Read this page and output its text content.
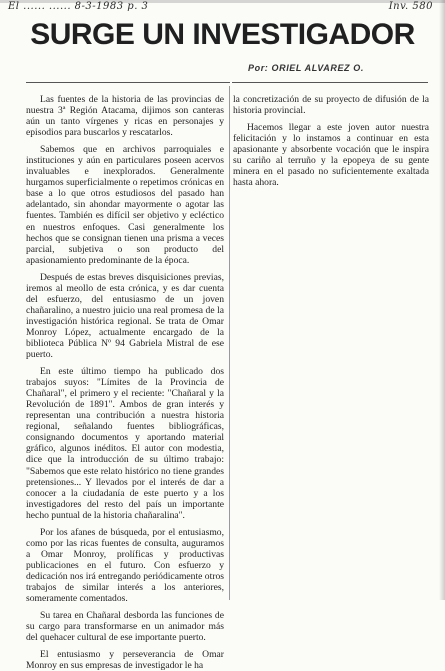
El ...... ...... 8-3-1983 p. 3	Inv. 580
SURGE UN INVESTIGADOR
Por: ORIEL ALVAREZ O.

Las fuentes de la historia de las provincias de nuestra 3ª Región Atacama, dijimos son canteras aún un tanto vírgenes y ricas en personajes y episodios para buscarlos y rescatarlos.

Sabemos que en archivos parroquiales e instituciones y aún en particulares poseen acervos invaluables e inexplorados. Generalmente hurgamos superficialmente o repetimos crónicas en base a lo que otros estudiosos del pasado han adelantado, sin ahondar mayormente o agotar las fuentes. También es difícil ser objetivo y ecléctico en nuestros enfoques. Casi generalmente los hechos que se consignan tienen una prisma a veces parcial, subjetiva o son producto del apasionamiento predominante de la época.

Después de estas breves disquisiciones previas, iremos al meollo de esta crónica, y es dar cuenta del esfuerzo, del entusiasmo de un joven chañaralino, a nuestro juicio una real promesa de la investigación histórica regional. Se trata de Omar Monroy López, actualmente encargado de la biblioteca Pública Nº 94 Gabriela Mistral de ese puerto.

En este último tiempo ha publicado dos trabajos suyos: "Límites de la Provincia de Chañaral", el primero y el reciente: "Chañaral y la Revolución de 1891". Ambos de gran interés y representan una contribución a nuestra historia regional, señalando fuentes bibliográficas, consignando documentos y aportando material gráfico, algunos inéditos. El autor con modestia, dice que la introducción de su último trabajo: "Sabemos que este relato histórico no tiene grandes pretensiones... Y llevados por el interés de dar a conocer a la ciudadanía de este puerto y a los investigadores del resto del país un importante hecho puntual de la historia chañaralina".

Por los afanes de búsqueda, por el entusiasmo, como por las ricas fuentes de consulta, auguramos a Omar Monroy, prolíficas y productivas publicaciones en el futuro. Con esfuerzo y dedicación nos irá entregando periódicamente otros trabajos de similar interés a los anteriores, someramente comentados.

Su tarea en Chañaral desborda las funciones de su cargo para transformarse en un animador más del quehacer cultural de ese importante puerto.

El entusiasmo y perseverancia de Omar Monroy en sus empresas de investigador le ha

la concretización de su proyecto de difusión de la historia provincial.

Hacemos llegar a este joven autor nuestra felicitación y lo instamos a continuar en esta apasionante y absorbente vocación que le inspira su cariño al terruño y la epopeya de su gente minera en el pasado no suficientemente exaltada hasta ahora.
